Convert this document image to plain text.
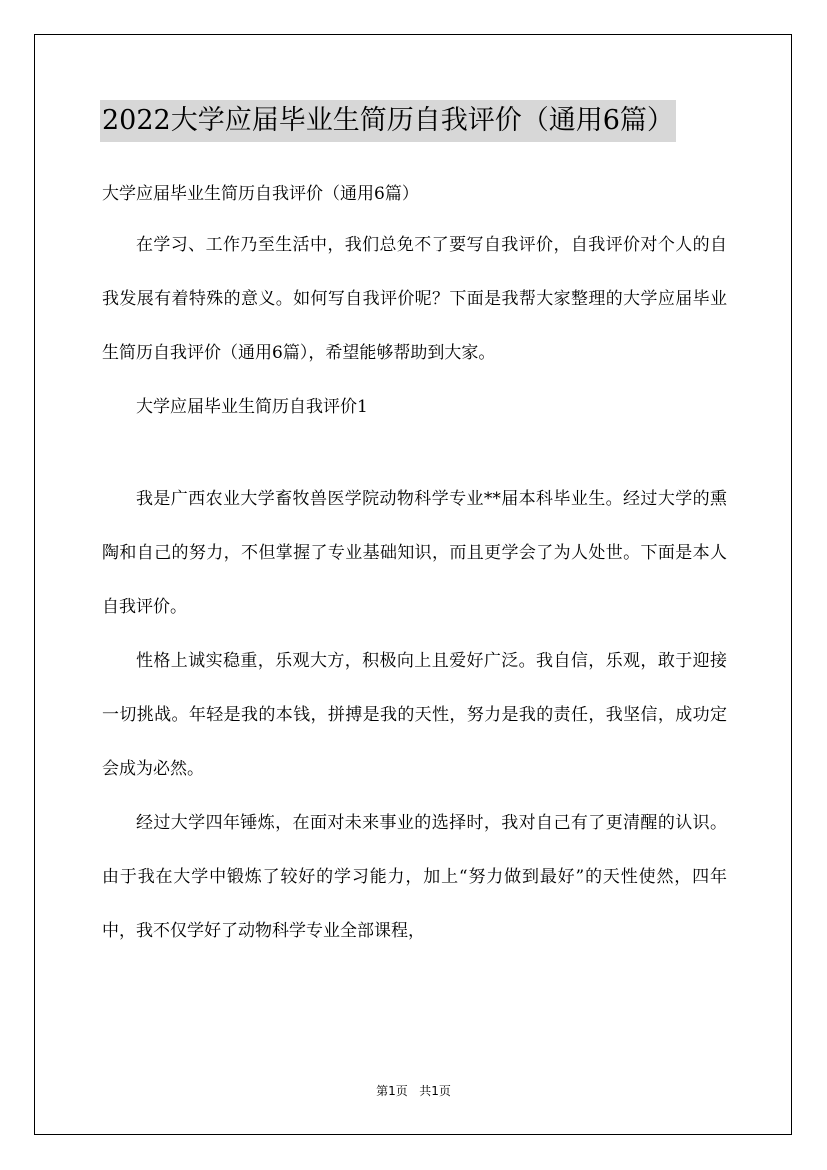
2022大学应届毕业生简历自我评价（通用6篇）

大学应届毕业生简历自我评价（通用6篇）

在学习、工作乃至生活中，我们总免不了要写自我评价，自我评价对个人的自我发展有着特殊的意义。如何写自我评价呢？下面是我帮大家整理的大学应届毕业生简历自我评价（通用6篇），希望能够帮助到大家。

大学应届毕业生简历自我评价1

我是广西农业大学畜牧兽医学院动物科学专业**届本科毕业生。经过大学的熏陶和自己的努力，不但掌握了专业基础知识，而且更学会了为人处世。下面是本人自我评价。

性格上诚实稳重，乐观大方，积极向上且爱好广泛。我自信，乐观，敢于迎接一切挑战。年轻是我的本钱，拼搏是我的天性，努力是我的责任，我坚信，成功定会成为必然。

经过大学四年锤炼，在面对未来事业的选择时，我对自己有了更清醒的认识。由于我在大学中锻炼了较好的学习能力，加上“努力做到最好”的天性使然，四年中，我不仅学好了动物科学专业全部课程，

第1页 共1页
